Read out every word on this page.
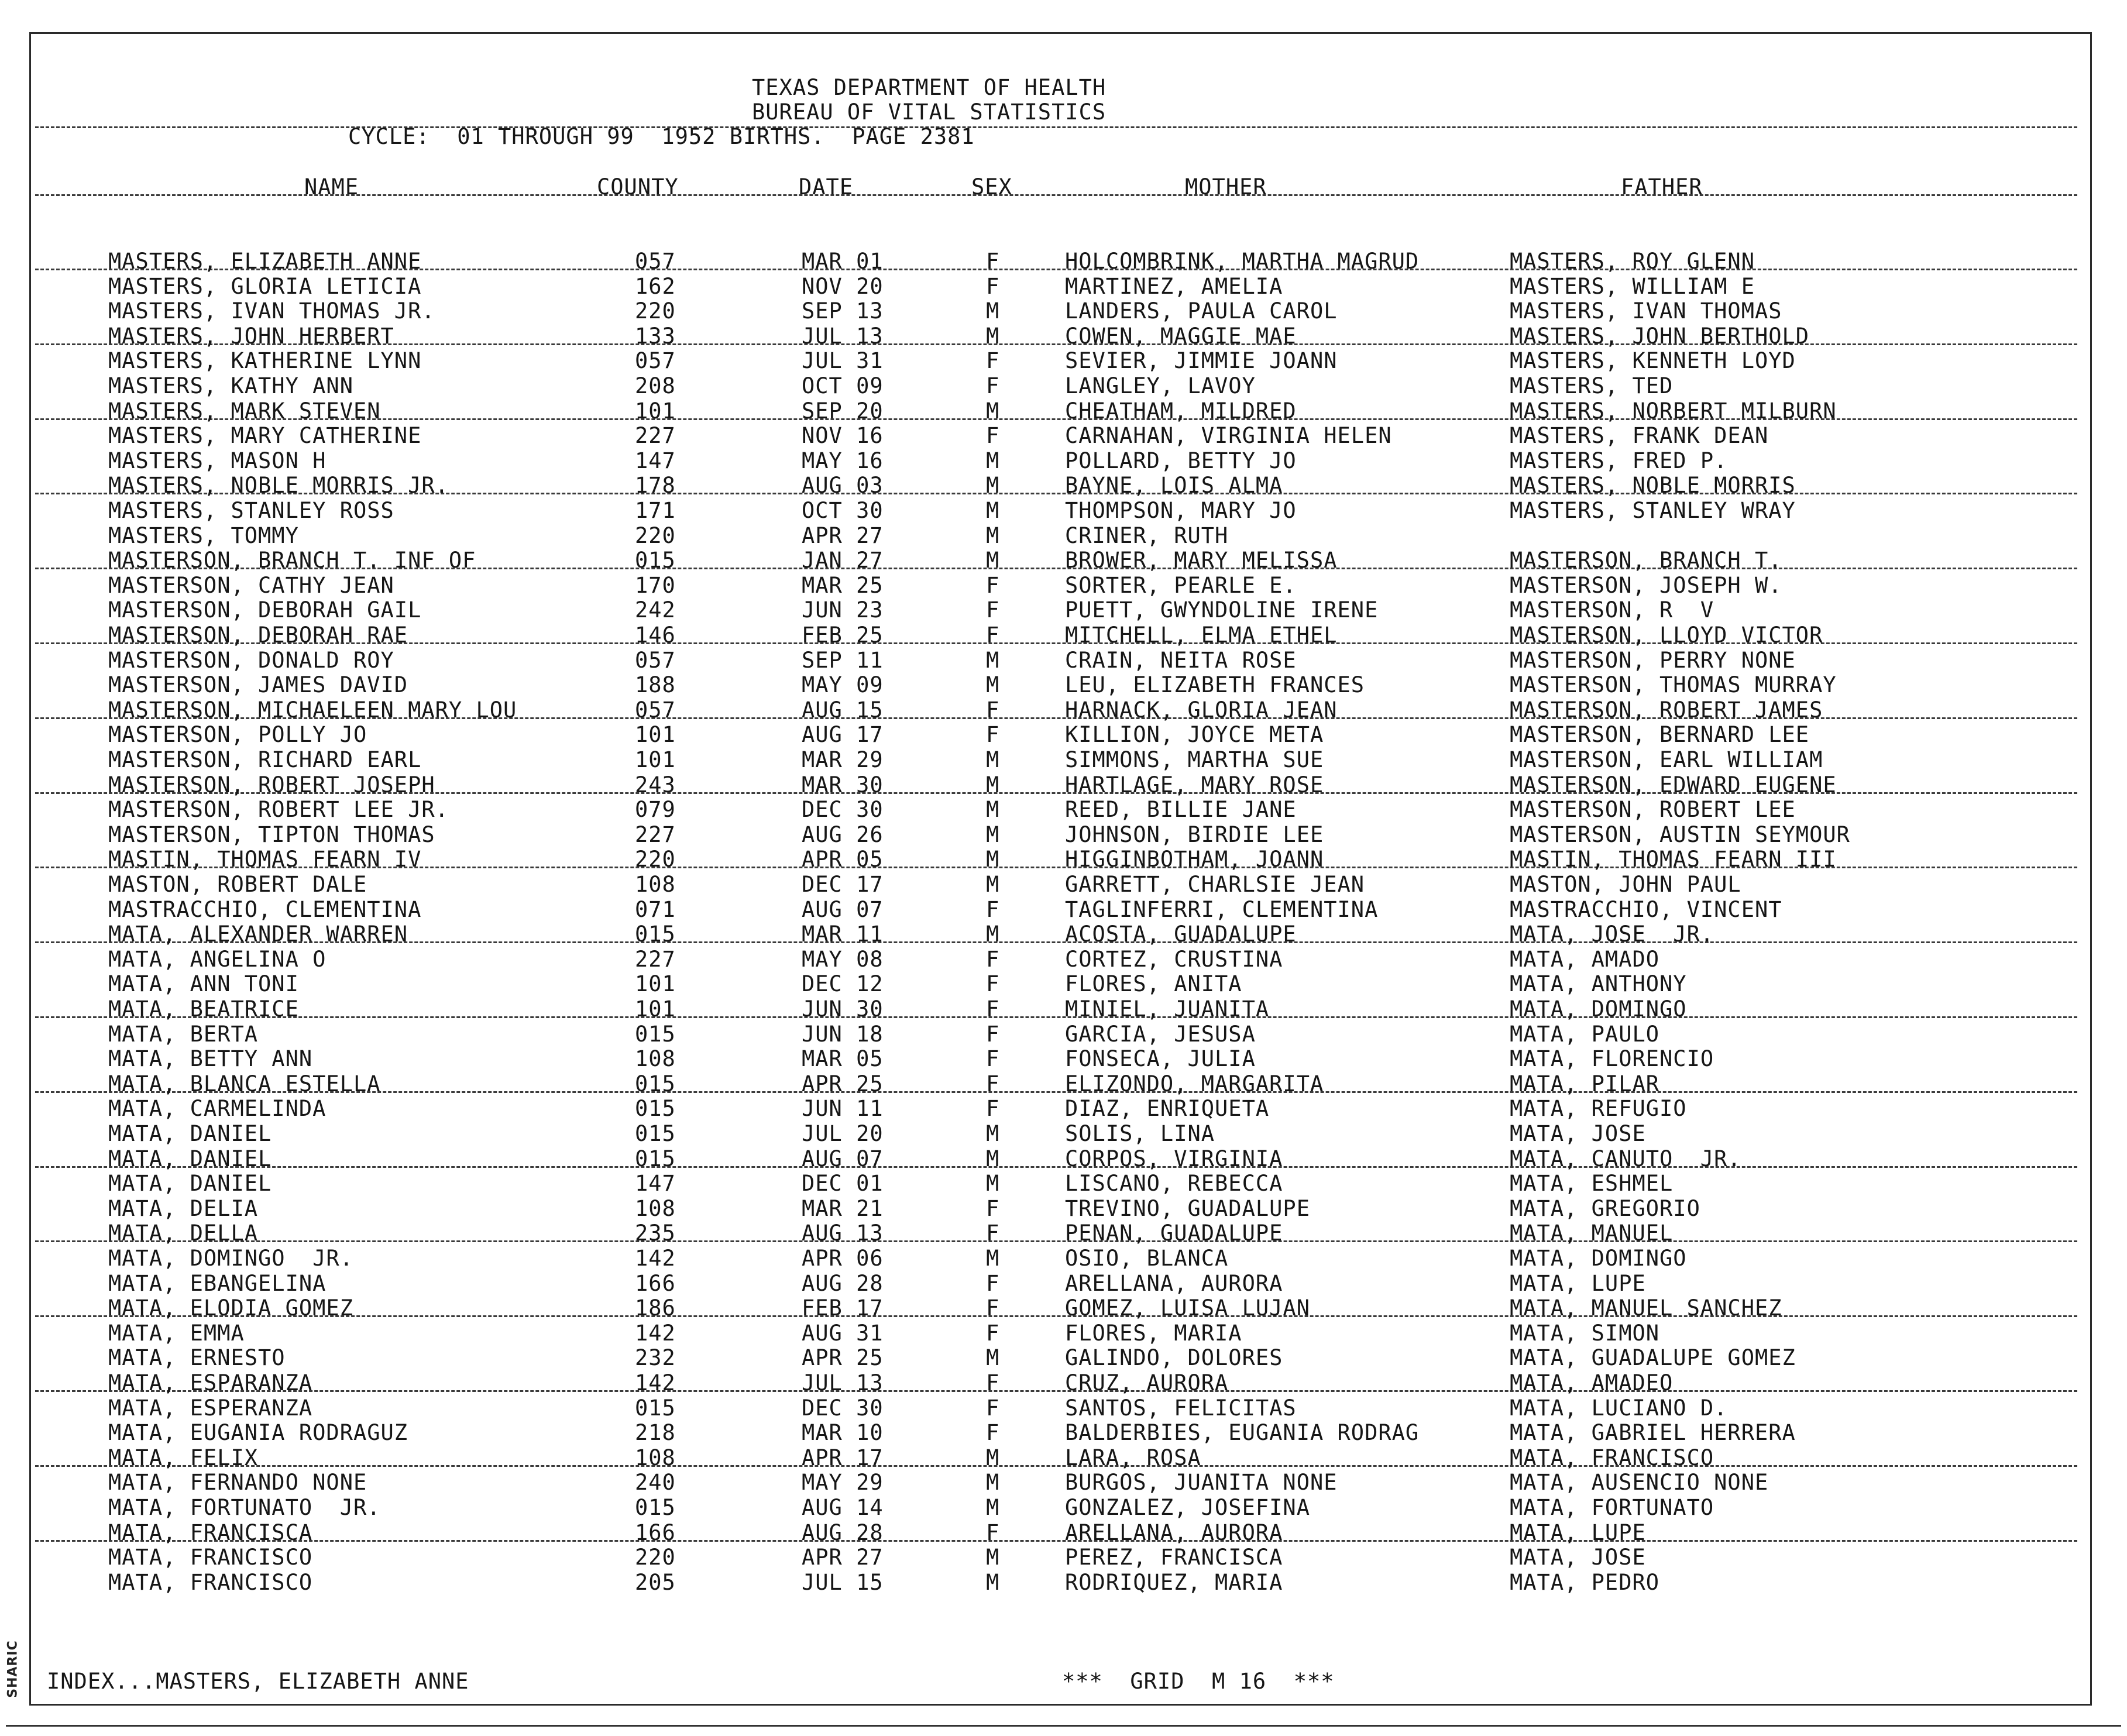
SHARIC
TEXAS DEPARTMENT OF HEALTH
BUREAU OF VITAL STATISTICS
CYCLE:  01 THROUGH 99  1952 BIRTHS.  PAGE 2381
NAME	COUNTY	DATE	SEX	MOTHER	FATHER
MASTERS, ELIZABETH ANNE	057	MAR 01	F	HOLCOMBRINK, MARTHA MAGRUD	MASTERS, ROY GLENN
MASTERS, GLORIA LETICIA	162	NOV 20	F	MARTINEZ, AMELIA	MASTERS, WILLIAM E
MASTERS, IVAN THOMAS JR.	220	SEP 13	M	LANDERS, PAULA CAROL	MASTERS, IVAN THOMAS
MASTERS, JOHN HERBERT	133	JUL 13	M	COWEN, MAGGIE MAE	MASTERS, JOHN BERTHOLD
MASTERS, KATHERINE LYNN	057	JUL 31	F	SEVIER, JIMMIE JOANN	MASTERS, KENNETH LOYD
MASTERS, KATHY ANN	208	OCT 09	F	LANGLEY, LAVOY	MASTERS, TED
MASTERS, MARK STEVEN	101	SEP 20	M	CHEATHAM, MILDRED	MASTERS, NORBERT MILBURN
MASTERS, MARY CATHERINE	227	NOV 16	F	CARNAHAN, VIRGINIA HELEN	MASTERS, FRANK DEAN
MASTERS, MASON H	147	MAY 16	M	POLLARD, BETTY JO	MASTERS, FRED P.
MASTERS, NOBLE MORRIS JR.	178	AUG 03	M	BAYNE, LOIS ALMA	MASTERS, NOBLE MORRIS
MASTERS, STANLEY ROSS	171	OCT 30	M	THOMPSON, MARY JO	MASTERS, STANLEY WRAY
MASTERS, TOMMY	220	APR 27	M	CRINER, RUTH
MASTERSON, BRANCH T. INF OF	015	JAN 27	M	BROWER, MARY MELISSA	MASTERSON, BRANCH T.
MASTERSON, CATHY JEAN	170	MAR 25	F	SORTER, PEARLE E.	MASTERSON, JOSEPH W.
MASTERSON, DEBORAH GAIL	242	JUN 23	F	PUETT, GWYNDOLINE IRENE	MASTERSON, R  V
MASTERSON, DEBORAH RAE	146	FEB 25	F	MITCHELL, ELMA ETHEL	MASTERSON, LLOYD VICTOR
MASTERSON, DONALD ROY	057	SEP 11	M	CRAIN, NEITA ROSE	MASTERSON, PERRY NONE
MASTERSON, JAMES DAVID	188	MAY 09	M	LEU, ELIZABETH FRANCES	MASTERSON, THOMAS MURRAY
MASTERSON, MICHAELEEN MARY LOU	057	AUG 15	F	HARNACK, GLORIA JEAN	MASTERSON, ROBERT JAMES
MASTERSON, POLLY JO	101	AUG 17	F	KILLION, JOYCE META	MASTERSON, BERNARD LEE
MASTERSON, RICHARD EARL	101	MAR 29	M	SIMMONS, MARTHA SUE	MASTERSON, EARL WILLIAM
MASTERSON, ROBERT JOSEPH	243	MAR 30	M	HARTLAGE, MARY ROSE	MASTERSON, EDWARD EUGENE
MASTERSON, ROBERT LEE JR.	079	DEC 30	M	REED, BILLIE JANE	MASTERSON, ROBERT LEE
MASTERSON, TIPTON THOMAS	227	AUG 26	M	JOHNSON, BIRDIE LEE	MASTERSON, AUSTIN SEYMOUR
MASTIN, THOMAS FEARN IV	220	APR 05	M	HIGGINBOTHAM, JOANN	MASTIN, THOMAS FEARN III
MASTON, ROBERT DALE	108	DEC 17	M	GARRETT, CHARLSIE JEAN	MASTON, JOHN PAUL
MASTRACCHIO, CLEMENTINA	071	AUG 07	F	TAGLINFERRI, CLEMENTINA	MASTRACCHIO, VINCENT
MATA, ALEXANDER WARREN	015	MAR 11	M	ACOSTA, GUADALUPE	MATA, JOSE  JR.
MATA, ANGELINA O	227	MAY 08	F	CORTEZ, CRUSTINA	MATA, AMADO
MATA, ANN TONI	101	DEC 12	F	FLORES, ANITA	MATA, ANTHONY
MATA, BEATRICE	101	JUN 30	F	MINIEL, JUANITA	MATA, DOMINGO
MATA, BERTA	015	JUN 18	F	GARCIA, JESUSA	MATA, PAULO
MATA, BETTY ANN	108	MAR 05	F	FONSECA, JULIA	MATA, FLORENCIO
MATA, BLANCA ESTELLA	015	APR 25	F	ELIZONDO, MARGARITA	MATA, PILAR
MATA, CARMELINDA	015	JUN 11	F	DIAZ, ENRIQUETA	MATA, REFUGIO
MATA, DANIEL	015	JUL 20	M	SOLIS, LINA	MATA, JOSE
MATA, DANIEL	015	AUG 07	M	CORPOS, VIRGINIA	MATA, CANUTO  JR.
MATA, DANIEL	147	DEC 01	M	LISCANO, REBECCA	MATA, ESHMEL
MATA, DELIA	108	MAR 21	F	TREVINO, GUADALUPE	MATA, GREGORIO
MATA, DELLA	235	AUG 13	F	PENAN, GUADALUPE	MATA, MANUEL
MATA, DOMINGO  JR.	142	APR 06	M	OSIO, BLANCA	MATA, DOMINGO
MATA, EBANGELINA	166	AUG 28	F	ARELLANA, AURORA	MATA, LUPE
MATA, ELODIA GOMEZ	186	FEB 17	F	GOMEZ, LUISA LUJAN	MATA, MANUEL SANCHEZ
MATA, EMMA	142	AUG 31	F	FLORES, MARIA	MATA, SIMON
MATA, ERNESTO	232	APR 25	M	GALINDO, DOLORES	MATA, GUADALUPE GOMEZ
MATA, ESPARANZA	142	JUL 13	F	CRUZ, AURORA	MATA, AMADEO
MATA, ESPERANZA	015	DEC 30	F	SANTOS, FELICITAS	MATA, LUCIANO D.
MATA, EUGANIA RODRAGUZ	218	MAR 10	F	BALDERBIES, EUGANIA RODRAG	MATA, GABRIEL HERRERA
MATA, FELIX	108	APR 17	M	LARA, ROSA	MATA, FRANCISCO
MATA, FERNANDO NONE	240	MAY 29	M	BURGOS, JUANITA NONE	MATA, AUSENCIO NONE
MATA, FORTUNATO  JR.	015	AUG 14	M	GONZALEZ, JOSEFINA	MATA, FORTUNATO
MATA, FRANCISCA	166	AUG 28	F	ARELLANA, AURORA	MATA, LUPE
MATA, FRANCISCO	220	APR 27	M	PEREZ, FRANCISCA	MATA, JOSE
MATA, FRANCISCO	205	JUL 15	M	RODRIQUEZ, MARIA	MATA, PEDRO
INDEX...MASTERS, ELIZABETH ANNE	***  GRID  M 16  ***
